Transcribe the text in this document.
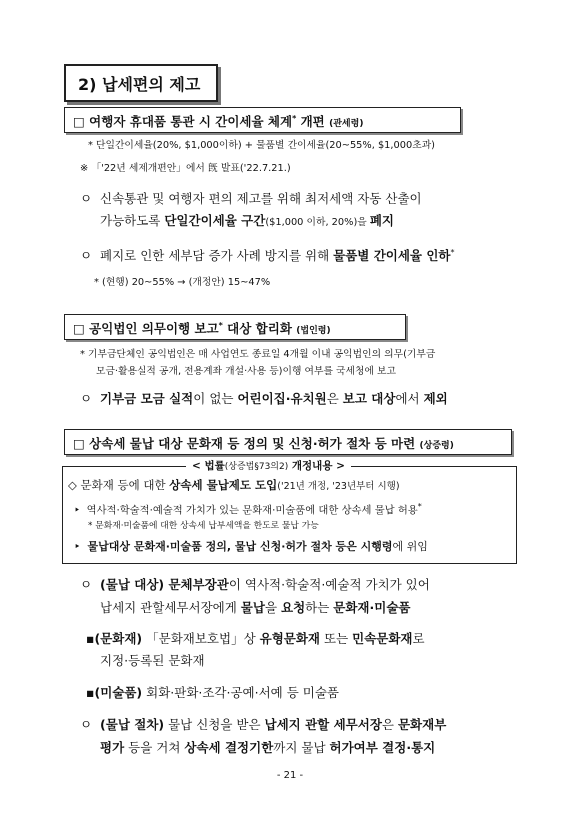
2) 납세편의 제고
□ 여행자 휴대품 통관 시 간이세율 체계* 개편 (관세령)
* 단일간이세율(20%, $1,000이하) + 물품별 간이세율(20~55%, $1,000초과)
※ 「'22년 세제개편안」에서 旣 발표('22.7.21.)
ㅇ 신속통관 및 여행자 편의 제고를 위해 최저세액 자동 산출이
가능하도록 단일간이세율 구간($1,000 이하, 20%)을 폐지
ㅇ 폐지로 인한 세부담 증가 사례 방지를 위해 물품별 간이세율 인하*
* (현행) 20~55% → (개정안) 15~47%
□ 공익법인 의무이행 보고* 대상 합리화 (법인령)
* 기부금단체인 공익법인은 매 사업연도 종료일 4개월 이내 공익법인의 의무(기부금
모금·활용실적 공개, 전용계좌 개설·사용 등)이행 여부를 국세청에 보고
ㅇ 기부금 모금 실적이 없는 어린이집·유치원은 보고 대상에서 제외
□ 상속세 물납 대상 문화재 등 정의 및 신청·허가 절차 등 마련 (상증령)
< 법률(상증법§73의2) 개정내용 >
◇ 문화재 등에 대한 상속세 물납제도 도입('21년 개정, '23년부터 시행)
‣ 역사적·학술적·예술적 가치가 있는 문화재·미술품에 대한 상속세 물납 허용*
* 문화재·미술품에 대한 상속세 납부세액을 한도로 물납 가능
‣ 물납대상 문화재·미술품 정의, 물납 신청·허가 절차 등은 시행령에 위임
ㅇ (물납 대상) 문체부장관이 역사적·학술적·예술적 가치가 있어
납세지 관할세무서장에게 물납을 요청하는 문화재·미술품
▪(문화재) 「문화재보호법」상 유형문화재 또는 민속문화재로
지정·등록된 문화재
▪(미술품) 회화·판화·조각·공예·서예 등 미술품
ㅇ (물납 절차) 물납 신청을 받은 납세지 관할 세무서장은 문화재부
평가 등을 거쳐 상속세 결정기한까지 물납 허가여부 결정·통지
- 21 -
